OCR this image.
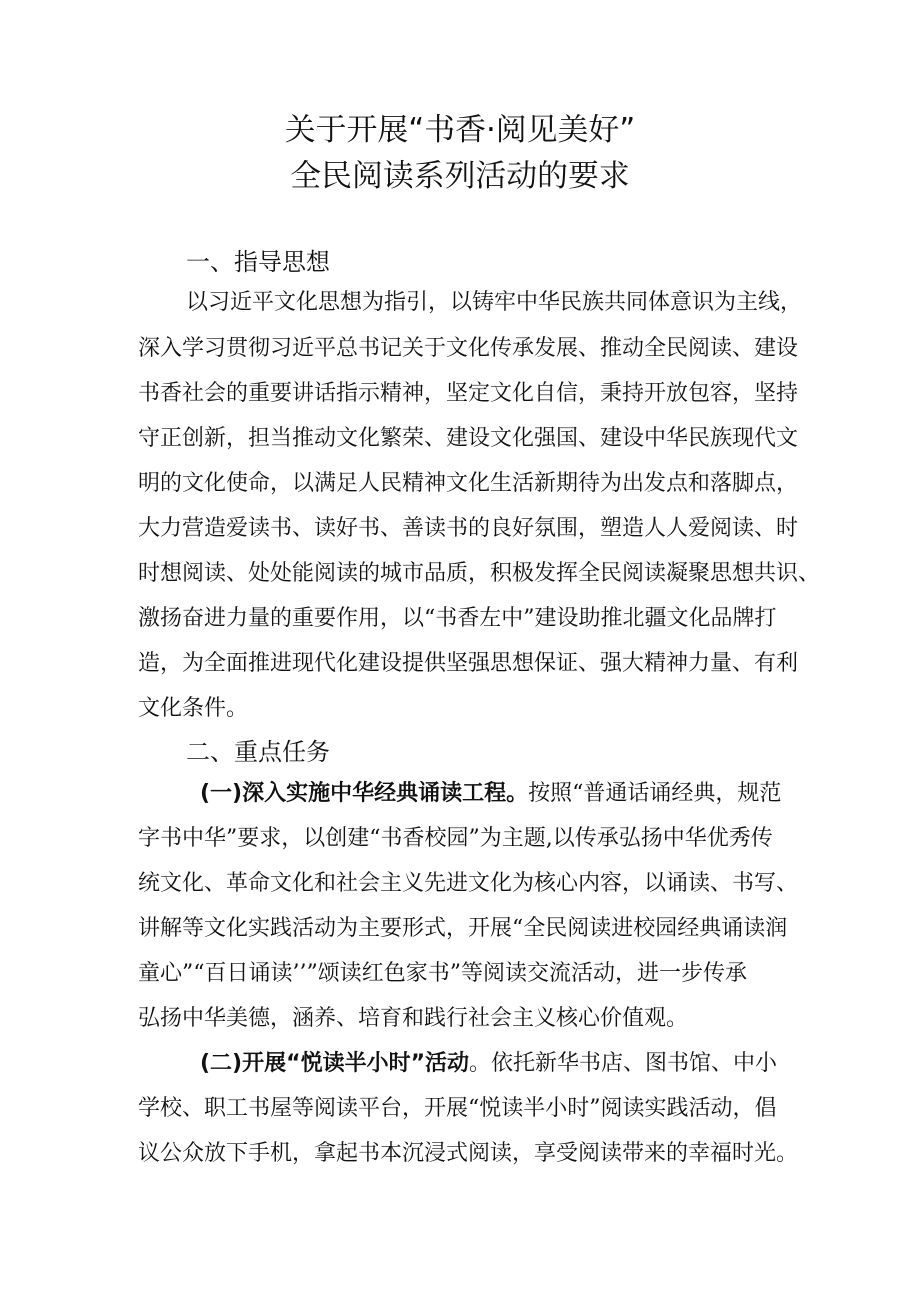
关于开展“书香·阅见美好”
全民阅读系列活动的要求
一、指导思想
以习近平文化思想为指引，以铸牢中华民族共同体意识为主线，
深入学习贯彻习近平总书记关于文化传承发展、推动全民阅读、建设
书香社会的重要讲话指示精神，坚定文化自信，秉持开放包容，坚持
守正创新，担当推动文化繁荣、建设文化强国、建设中华民族现代文
明的文化使命，以满足人民精神文化生活新期待为出发点和落脚点，
大力营造爱读书、读好书、善读书的良好氛围，塑造人人爱阅读、时
时想阅读、处处能阅读的城市品质，积极发挥全民阅读凝聚思想共识、
激扬奋进力量的重要作用，以“书香左中”建设助推北疆文化品牌打
造，为全面推进现代化建设提供坚强思想保证、强大精神力量、有利
文化条件。
二、重点任务
(一)深入实施中华经典诵读工程。按照“普通话诵经典，规范
字书中华”要求，以创建“书香校园”为主题,以传承弘扬中华优秀传
统文化、革命文化和社会主义先进文化为核心内容，以诵读、书写、
讲解等文化实践活动为主要形式，开展“全民阅读进校园经典诵读润
童心”“百日诵读’’”颂读红色家书”等阅读交流活动，进一步传承
弘扬中华美德，涵养、培育和践行社会主义核心价值观。
(二)开展“悦读半小时”活动。依托新华书店、图书馆、中小
学校、职工书屋等阅读平台，开展“悦读半小时”阅读实践活动，倡
议公众放下手机，拿起书本沉浸式阅读，享受阅读带来的幸福时光。
